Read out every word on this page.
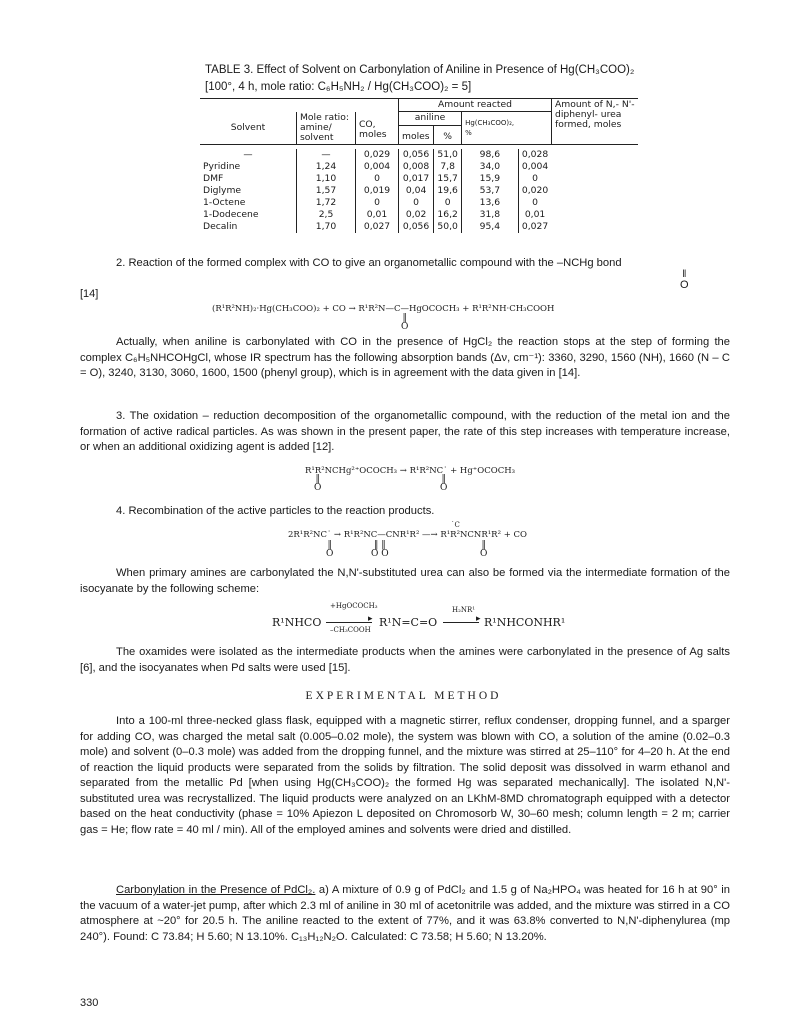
TABLE 3. Effect of Solvent on Carbonylation of Aniline in Presence of Hg(CH₃COO)₂ [100°, 4 h, mole ratio: C₆H₅NH₂ / Hg(CH₃COO)₂ = 5]
			Amount reacted				Amount of N,- N'-diphenyl- urea formed, moles
Solvent	Mole ratio: amine/ solvent	CO, moles	aniline		Hg(CH₃COO)₂, %		
			moles	%			

—	—	0,029	0,056	51,0	98,6	0,028	
Pyridine	1,24	0,004	0,008	7,8	34,0	0,004	
DMF	1,10	0	0,017	15,7	15,9	0	
Diglyme	1,57	0,019	0,04	19,6	53,7	0,020	
1-Octene	1,72	0	0	0	13,6	0	
1-Dodecene	2,5	0,01	0,02	16,2	31,8	0,01	
Decalin	1,70	0,027	0,056	50,0	95,4	0,027	
2. Reaction of the formed complex with CO to give an organometallic compound with the –NCHg bond
‖
O
[14]
(R¹R²NH)₂·Hg(CH₃COO)₂ + CO → R¹R²N—C—HgOCOCH₃ + R¹R²NH·CH₃COOH
‖
O
Actually, when aniline is carbonylated with CO in the presence of HgCl₂ the reaction stops at the step of forming the complex C₆H₅NHCOHgCl, whose IR spectrum has the following absorption bands (Δν, cm⁻¹): 3360, 3290, 1560 (NH), 1660 (N – C = O), 3240, 3130, 3060, 1600, 1500 (phenyl group), which is in agreement with the data given in [14].
3. The oxidation – reduction decomposition of the organometallic compound, with the reduction of the metal ion and the formation of active radical particles. As was shown in the present paper, the rate of this step increases with temperature increase, or when an additional oxidizing agent is added [12].
R¹R²NCHg²⁺OCOCH₃ → R¹R²NC˙ + Hg⁺OCOCH₃
‖
O
‖
O
4. Recombination of the active particles to the reaction products.
2R¹R²NC˙ → R¹R²NC—CNR¹R² —→ R¹R²NCNR¹R² + CO
˙C
‖
O
‖ ‖
O O
‖
O
When primary amines are carbonylated the N,N'-substituted urea can also be formed via the intermediate formation of the isocyanate by the following scheme:
R¹NHCO
+HgOCOCH₃
▸
–CH₃COOH
R¹N=C=O
H₂NR¹
▸ R¹NHCONHR¹
The oxamides were isolated as the intermediate products when the amines were carbonylated in the presence of Ag salts [6], and the isocyanates when Pd salts were used [15].
EXPERIMENTAL METHOD
Into a 100-ml three-necked glass flask, equipped with a magnetic stirrer, reflux condenser, dropping funnel, and a sparger for adding CO, was charged the metal salt (0.005–0.02 mole), the system was blown with CO, a solution of the amine (0.02–0.3 mole) and solvent (0–0.3 mole) was added from the dropping funnel, and the mixture was stirred at 25–110° for 4–20 h. At the end of reaction the liquid products were separated from the solids by filtration. The solid deposit was dissolved in warm ethanol and separated from the metallic Pd [when using Hg(CH₃COO)₂ the formed Hg was separated mechanically]. The isolated N,N'-substituted urea was recrystallized. The liquid products were analyzed on an LKhM-8MD chromatograph equipped with a detector based on the heat conductivity (phase = 10% Apiezon L deposited on Chromosorb W, 30–60 mesh; column length = 2 m; carrier gas = He; flow rate = 40 ml / min). All of the employed amines and solvents were dried and distilled.
Carbonylation in the Presence of PdCl₂. a) A mixture of 0.9 g of PdCl₂ and 1.5 g of Na₂HPO₄ was heated for 16 h at 90° in the vacuum of a water-jet pump, after which 2.3 ml of aniline in 30 ml of acetonitrile was added, and the mixture was stirred in a CO atmosphere at ~20° for 20.5 h. The aniline reacted to the extent of 77%, and it was 63.8% converted to N,N'-diphenylurea (mp 240°). Found: C 73.84; H 5.60; N 13.10%. C₁₃H₁₂N₂O. Calculated: C 73.58; H 5.60; N 13.20%.
330
